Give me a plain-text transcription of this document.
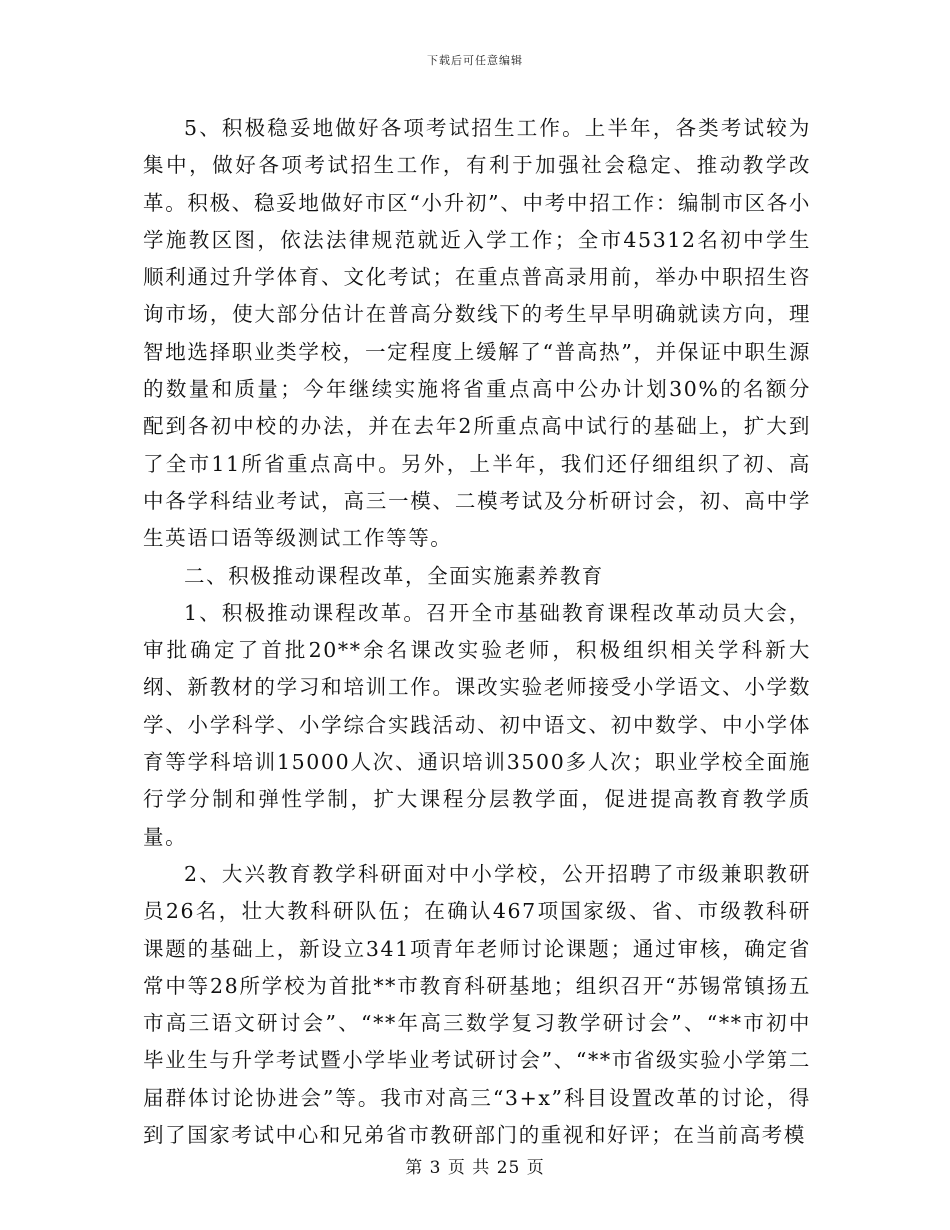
下载后可任意编辑

5、积极稳妥地做好各项考试招生工作。上半年，各类考试较为集中，做好各项考试招生工作，有利于加强社会稳定、推动教学改革。积极、稳妥地做好市区“小升初”、中考中招工作：编制市区各小学施教区图，依法法律规范就近入学工作；全市45312名初中学生顺利通过升学体育、文化考试；在重点普高录用前，举办中职招生咨询市场，使大部分估计在普高分数线下的考生早早明确就读方向，理智地选择职业类学校，一定程度上缓解了“普高热”，并保证中职生源的数量和质量；今年继续实施将省重点高中公办计划30%的名额分配到各初中校的办法，并在去年2所重点高中试行的基础上，扩大到了全市11所省重点高中。另外，上半年，我们还仔细组织了初、高中各学科结业考试，高三一模、二模考试及分析研讨会，初、高中学生英语口语等级测试工作等等。

二、积极推动课程改革，全面实施素养教育

1、积极推动课程改革。召开全市基础教育课程改革动员大会，审批确定了首批20**余名课改实验老师，积极组织相关学科新大纲、新教材的学习和培训工作。课改实验老师接受小学语文、小学数学、小学科学、小学综合实践活动、初中语文、初中数学、中小学体育等学科培训15000人次、通识培训3500多人次；职业学校全面施行学分制和弹性学制，扩大课程分层教学面，促进提高教育教学质量。

2、大兴教育教学科研面对中小学校，公开招聘了市级兼职教研员26名，壮大教科研队伍；在确认467项国家级、省、市级教科研课题的基础上，新设立341项青年老师讨论课题；通过审核，确定省常中等28所学校为首批**市教育科研基地；组织召开“苏锡常镇扬五市高三语文研讨会”、“**年高三数学复习教学研讨会”、“**市初中毕业生与升学考试暨小学毕业考试研讨会”、“**市省级实验小学第二届群体讨论协进会”等。我市对高三“3+x”科目设置改革的讨论，得到了国家考试中心和兄弟省市教研部门的重视和好评；在当前高考模

第 3 页 共 25 页
